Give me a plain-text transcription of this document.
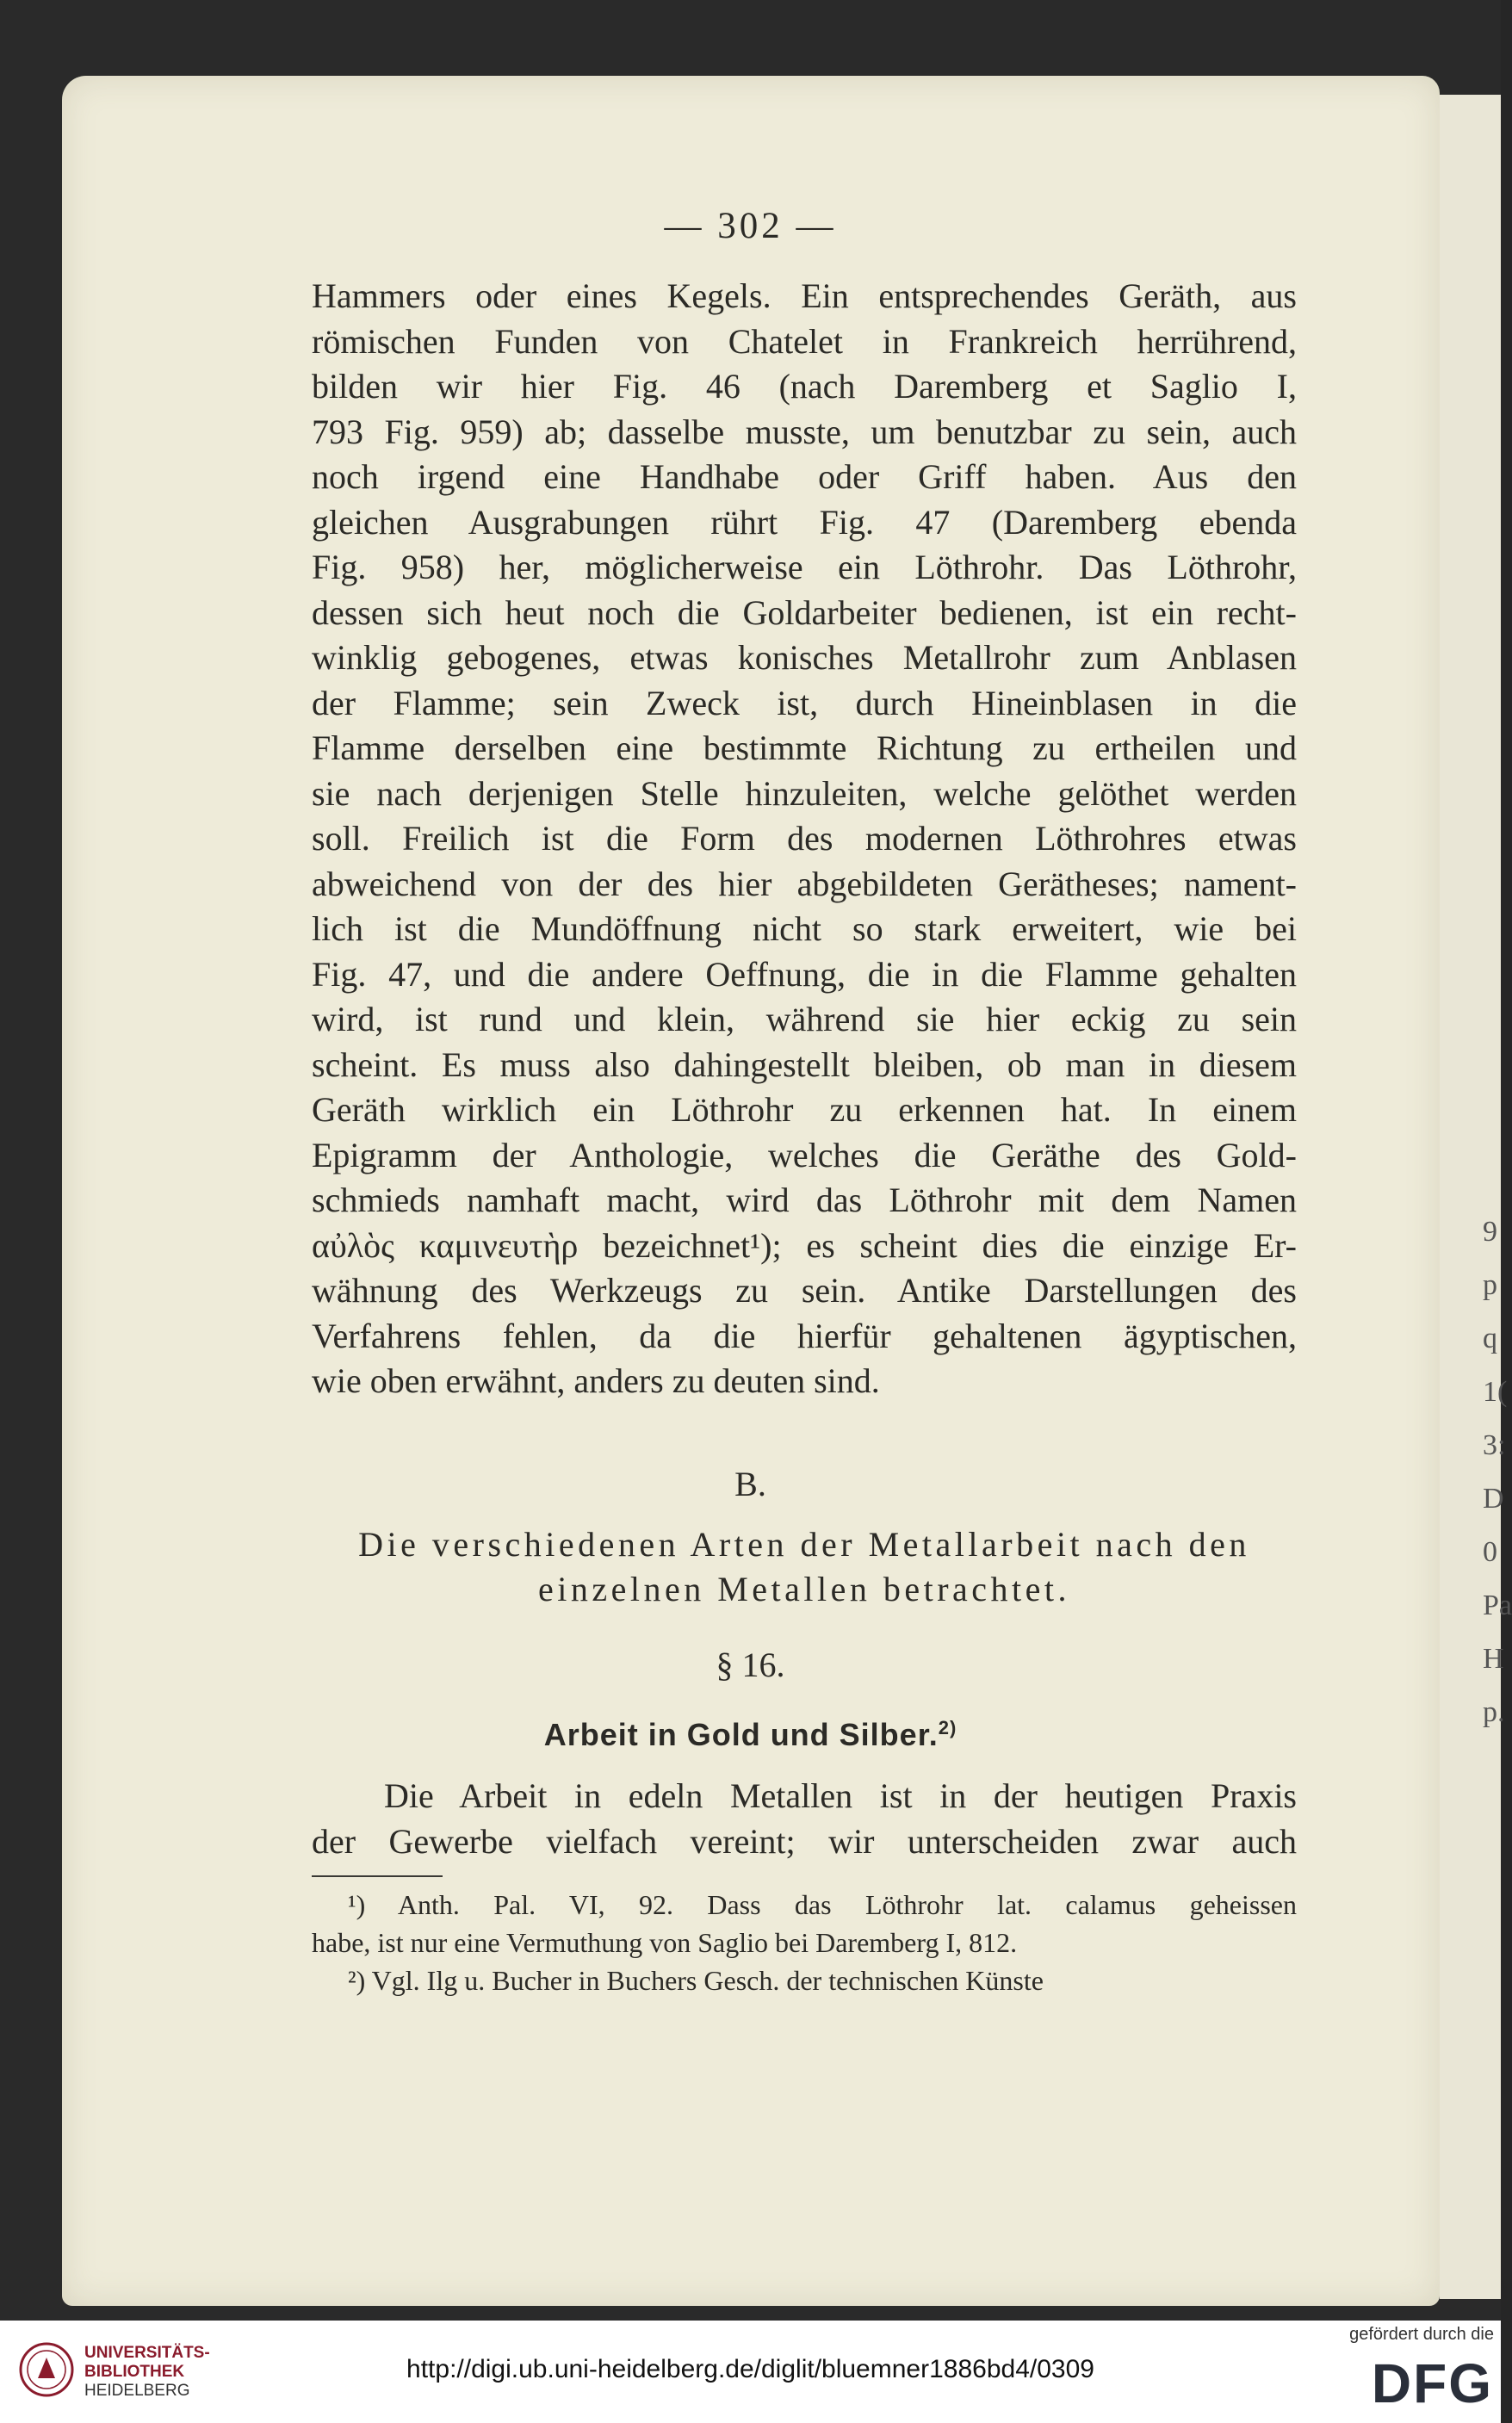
9
p
q
1(
3:
D
0
Pa
H
p.
— 302 —

Hammers oder eines Kegels. Ein entsprechendes Geräth, aus

römischen Funden von Chatelet in Frankreich herrührend,

bilden wir hier Fig. 46 (nach Daremberg et Saglio I,

793 Fig. 959) ab; dasselbe musste, um benutzbar zu sein, auch

noch irgend eine Handhabe oder Griff haben. Aus den

gleichen Ausgrabungen rührt Fig. 47 (Daremberg ebenda

Fig. 958) her, möglicherweise ein Löthrohr. Das Löthrohr,

dessen sich heut noch die Goldarbeiter bedienen, ist ein recht-

winklig gebogenes, etwas konisches Metallrohr zum Anblasen

der Flamme; sein Zweck ist, durch Hineinblasen in die

Flamme derselben eine bestimmte Richtung zu ertheilen und

sie nach derjenigen Stelle hinzuleiten, welche gelöthet werden

soll. Freilich ist die Form des modernen Löthrohres etwas

abweichend von der des hier abgebildeten Gerätheses; nament-

lich ist die Mundöffnung nicht so stark erweitert, wie bei

Fig. 47, und die andere Oeffnung, die in die Flamme gehalten

wird, ist rund und klein, während sie hier eckig zu sein

scheint. Es muss also dahingestellt bleiben, ob man in diesem

Geräth wirklich ein Löthrohr zu erkennen hat. In einem

Epigramm der Anthologie, welches die Geräthe des Gold-

schmieds namhaft macht, wird das Löthrohr mit dem Namen

αὐλὸς καμινευτὴρ bezeichnet¹); es scheint dies die einzige Er-

wähnung des Werkzeugs zu sein. Antike Darstellungen des

Verfahrens fehlen, da die hierfür gehaltenen ägyptischen,

wie oben erwähnt, anders zu deuten sind.

B.
Die verschiedenen Arten der Metallarbeit nach den
einzelnen Metallen betrachtet.
§ 16.
Arbeit in Gold und Silber.$^{2)}$

Die Arbeit in edeln Metallen ist in der heutigen Praxis

der Gewerbe vielfach vereint; wir unterscheiden zwar auch

¹) Anth. Pal. VI, 92. Dass das Löthrohr lat. calamus geheissen

habe, ist nur eine Vermuthung von Saglio bei Daremberg I, 812.

²) Vgl. Ilg u. Bucher in Buchers Gesch. der technischen Künste

UNIVERSITÄTS-
BIBLIOTHEK
HEIDELBERG
http://digi.ub.uni-heidelberg.de/diglit/bluemner1886bd4/0309
gefördert durch die
DFG
